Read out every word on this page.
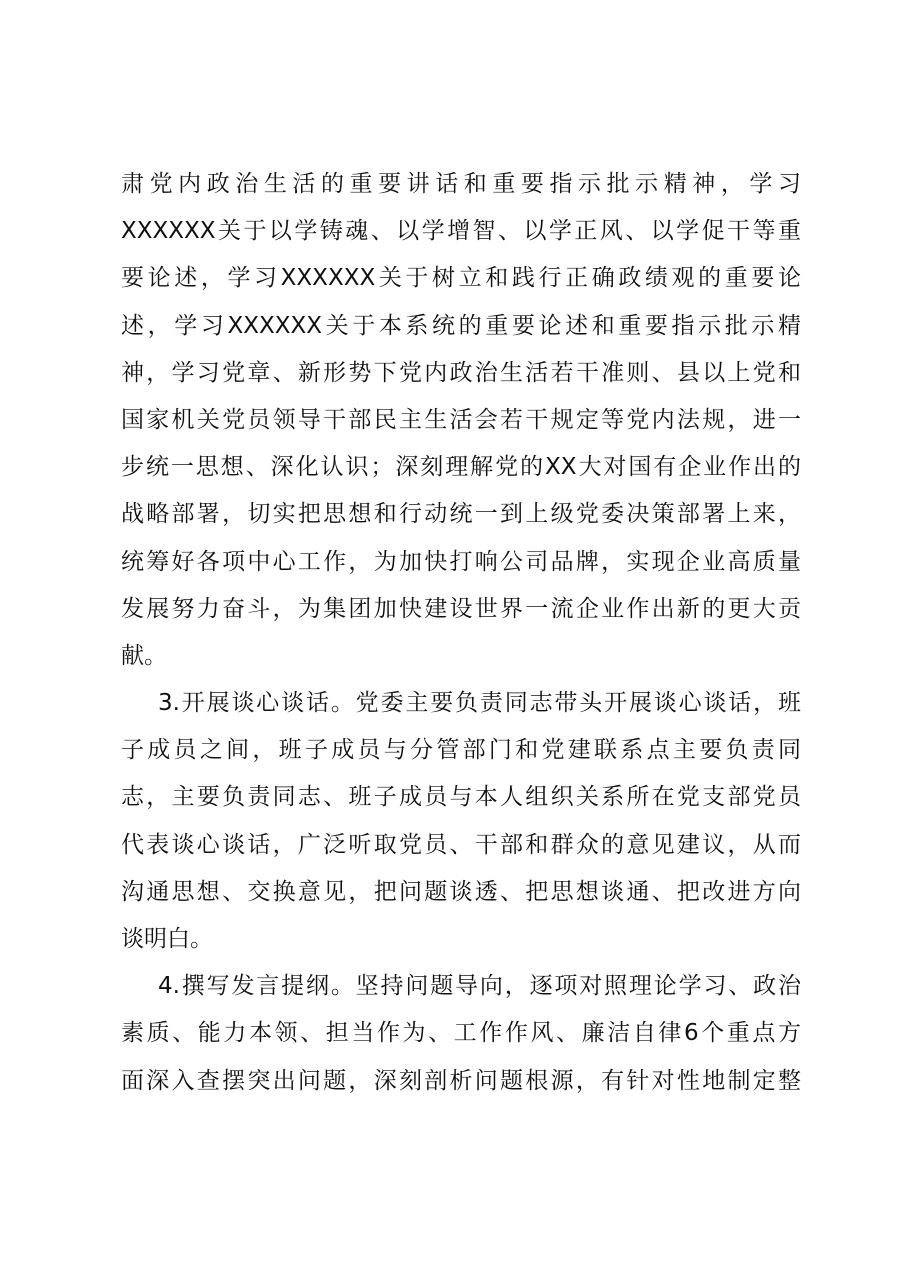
肃党内政治生活的重要讲话和重要指示批示精神，学习
XXXXXX关于以学铸魂、以学增智、以学正风、以学促干等重
要论述，学习XXXXXX关于树立和践行正确政绩观的重要论
述，学习XXXXXX关于本系统的重要论述和重要指示批示精
神，学习党章、新形势下党内政治生活若干准则、县以上党和
国家机关党员领导干部民主生活会若干规定等党内法规，进一
步统一思想、深化认识；深刻理解党的XX大对国有企业作出的
战略部署，切实把思想和行动统一到上级党委决策部署上来，
统筹好各项中心工作，为加快打响公司品牌，实现企业高质量
发展努力奋斗，为集团加快建设世界一流企业作出新的更大贡
献。
3.开展谈心谈话。党委主要负责同志带头开展谈心谈话，班
子成员之间，班子成员与分管部门和党建联系点主要负责同
志，主要负责同志、班子成员与本人组织关系所在党支部党员
代表谈心谈话，广泛听取党员、干部和群众的意见建议，从而
沟通思想、交换意见，把问题谈透、把思想谈通、把改进方向
谈明白。
4.撰写发言提纲。坚持问题导向，逐项对照理论学习、政治
素质、能力本领、担当作为、工作作风、廉洁自律6个重点方
面深入查摆突出问题，深刻剖析问题根源，有针对性地制定整
